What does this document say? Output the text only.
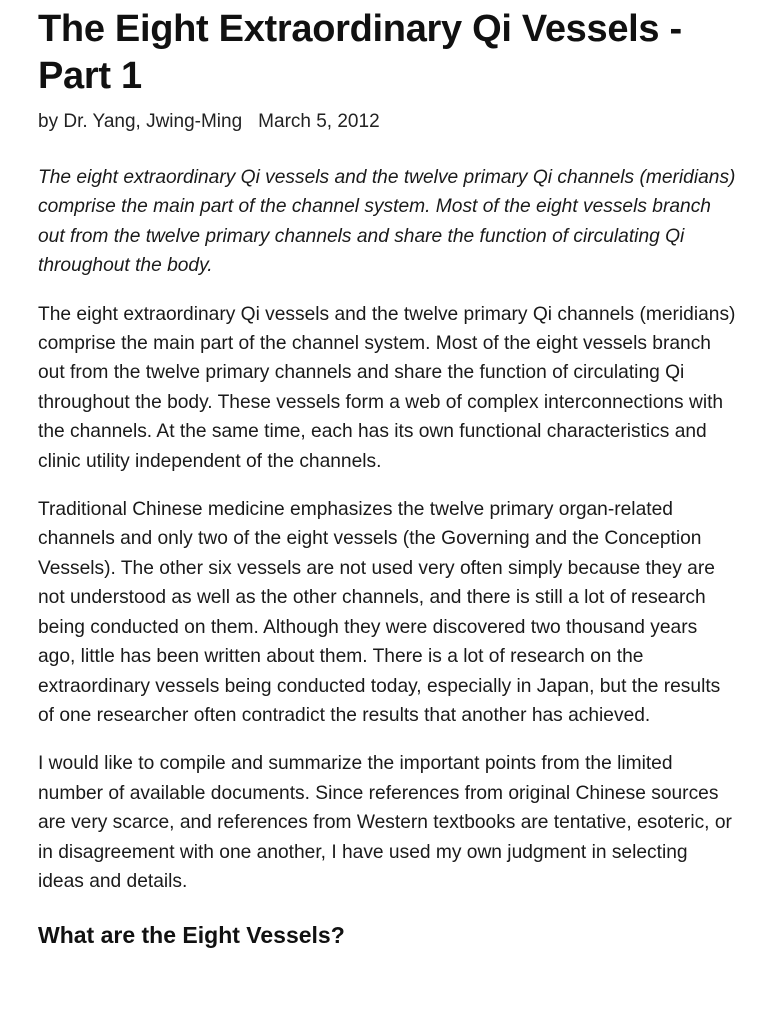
The Eight Extraordinary Qi Vessels - Part 1
by Dr. Yang, Jwing-Ming March 5, 2012

The eight extraordinary Qi vessels and the twelve primary Qi channels (meridians) comprise the main part of the channel system. Most of the eight vessels branch out from the twelve primary channels and share the function of circulating Qi throughout the body.

The eight extraordinary Qi vessels and the twelve primary Qi channels (meridians) comprise the main part of the channel system. Most of the eight vessels branch out from the twelve primary channels and share the function of circulating Qi throughout the body. These vessels form a web of complex interconnections with the channels. At the same time, each has its own functional characteristics and clinic utility independent of the channels.

Traditional Chinese medicine emphasizes the twelve primary organ-related channels and only two of the eight vessels (the Governing and the Conception Vessels). The other six vessels are not used very often simply because they are not understood as well as the other channels, and there is still a lot of research being conducted on them. Although they were discovered two thousand years ago, little has been written about them. There is a lot of research on the extraordinary vessels being conducted today, especially in Japan, but the results of one researcher often contradict the results that another has achieved.

I would like to compile and summarize the important points from the limited number of available documents. Since references from original Chinese sources are very scarce, and references from Western textbooks are tentative, esoteric, or in disagreement with one another, I have used my own judgment in selecting ideas and details.

What are the Eight Vessels?
